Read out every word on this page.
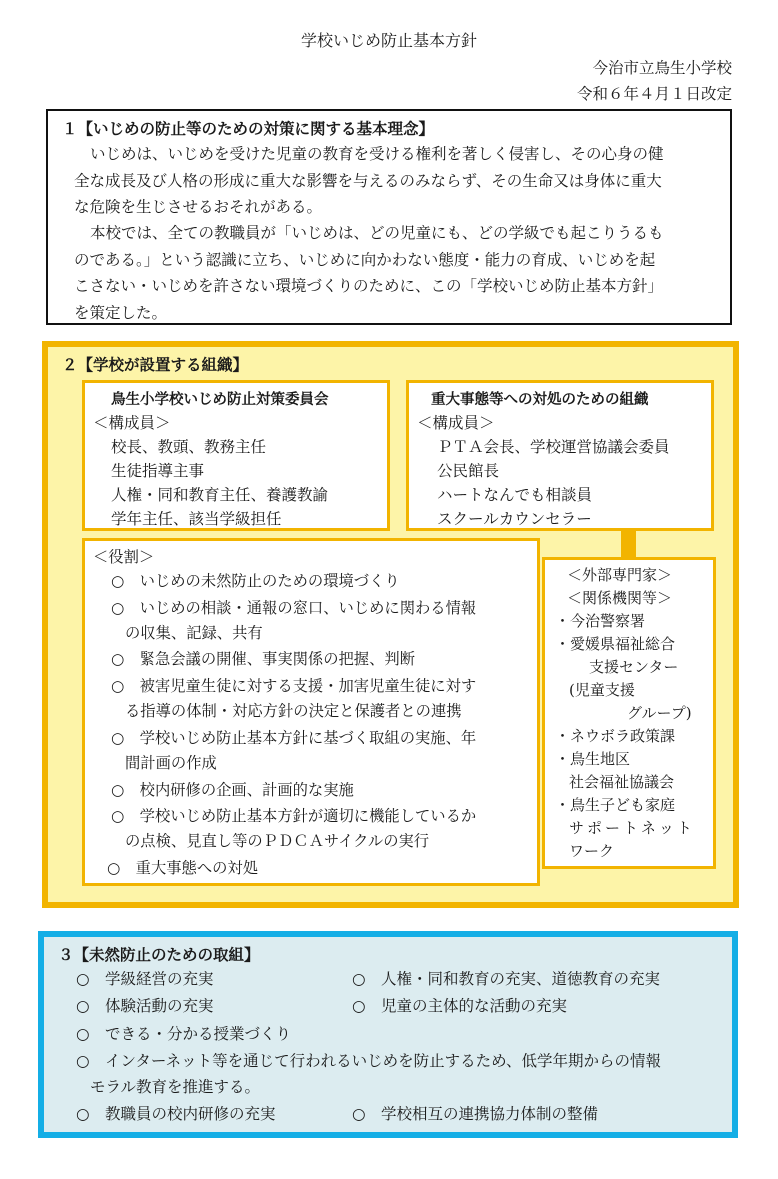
学校いじめ防止基本方針
今治市立鳥生小学校
令和６年４月１日改定
１【いじめの防止等のための対策に関する基本理念】
いじめは、いじめを受けた児童の教育を受ける権利を著しく侵害し、その心身の健
全な成長及び人格の形成に重大な影響を与えるのみならず、その生命又は身体に重大
な危険を生じさせるおそれがある。
本校では、全ての教職員が「いじめは、どの児童にも、どの学級でも起こりうるも
のである。」という認識に立ち、いじめに向かわない態度・能力の育成、いじめを起
こさない・いじめを許さない環境づくりのために、この「学校いじめ防止基本方針」
を策定した。
２【学校が設置する組織】
鳥生小学校いじめ防止対策委員会
＜構成員＞
校長、教頭、教務主任
生徒指導主事
人権・同和教育主任、養護教諭
学年主任、該当学級担任
重大事態等への対処のための組織
＜構成員＞
ＰＴＡ会長、学校運営協議会委員
公民館長
ハートなんでも相談員
スクールカウンセラー
＜役割＞
○　いじめの未然防止のための環境づくり
○　いじめの相談・通報の窓口、いじめに関わる情報
の収集、記録、共有
○　緊急会議の開催、事実関係の把握、判断
○　被害児童生徒に対する支援・加害児童生徒に対す
る指導の体制・対応方針の決定と保護者との連携
○　学校いじめ防止基本方針に基づく取組の実施、年
間計画の作成
○　校内研修の企画、計画的な実施
○　学校いじめ防止基本方針が適切に機能しているか
の点検、見直し等のＰＤＣＡサイクルの実行
○　重大事態への対処
＜外部専門家＞
＜関係機関等＞
・今治警察署
・愛媛県福祉総合
支援センター
(児童支援
グループ)
・ネウボラ政策課
・鳥生地区
社会福祉協議会
・鳥生子ども家庭
サポートネット
ワーク
３【未然防止のための取組】
○　学級経営の充実	○　人権・同和教育の充実、道徳教育の充実
○　体験活動の充実	○　児童の主体的な活動の充実
○　できる・分かる授業づくり
○　インターネット等を通じて行われるいじめを防止するため、低学年期からの情報
モラル教育を推進する。
○　教職員の校内研修の充実	○　学校相互の連携協力体制の整備
